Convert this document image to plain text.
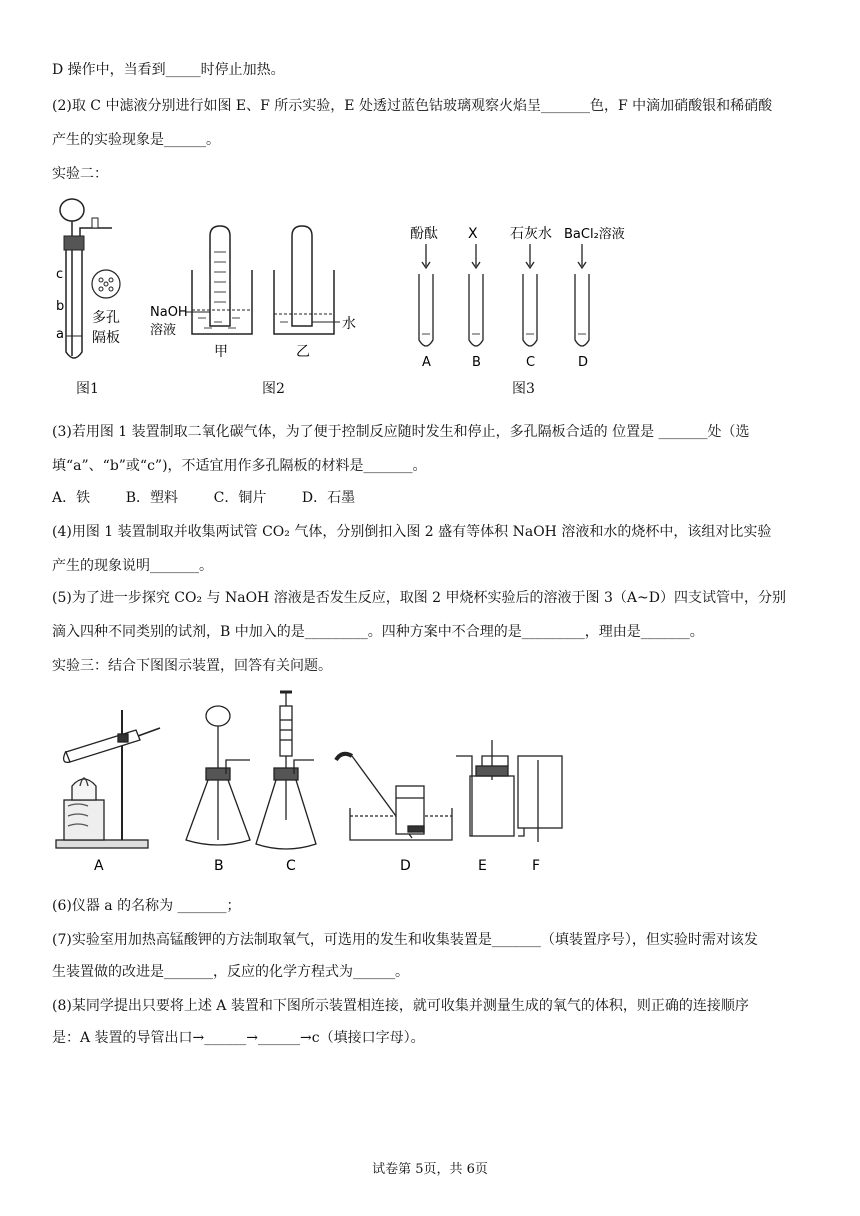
D 操作中，当看到_____时停止加热。
(2)取 C 中滤液分别进行如图 E、F 所示实验，E 处透过蓝色钴玻璃观察火焰呈_______色，F 中滴加硝酸银和稀硝酸
产生的实验现象是______。
实验二：
c
b
a
多孔
隔板
图1
NaOH
溶液
甲
水
乙
图2
酚酞 X 石灰水 BaCl₂溶液
A	B	C	D
图3
(3)若用图 1 装置制取二氧化碳气体，为了便于控制反应随时发生和停止，多孔隔板合适的 位置是 _______处（选
填“a”、“b”或“c”)，不适宜用作多孔隔板的材料是_______。
A．铁        B．塑料        C．铜片        D．石墨
(4)用图 1 装置制取并收集两试管 CO₂ 气体，分别倒扣入图 2 盛有等体积 NaOH 溶液和水的烧杯中，该组对比实验
产生的现象说明_______。
(5)为了进一步探究 CO₂ 与 NaOH 溶液是否发生反应，取图 2 甲烧杯实验后的溶液于图 3（A~D）四支试管中，分别
滴入四种不同类别的试剂，B 中加入的是_________。四种方案中不合理的是_________，理由是_______。
实验三：结合下图图示装置，回答有关问题。
A	B	C	D	E	F
(6)仪器 a 的名称为 _______；
(7)实验室用加热高锰酸钾的方法制取氧气，可选用的发生和收集装置是_______（填装置序号），但实验时需对该发
生装置做的改进是_______，反应的化学方程式为______。
(8)某同学提出只要将上述 A 装置和下图所示装置相连接，就可收集并测量生成的氧气的体积，则正确的连接顺序
是：A 装置的导管出口→______→______→c（填接口字母）。
试卷第 5页，共 6页
